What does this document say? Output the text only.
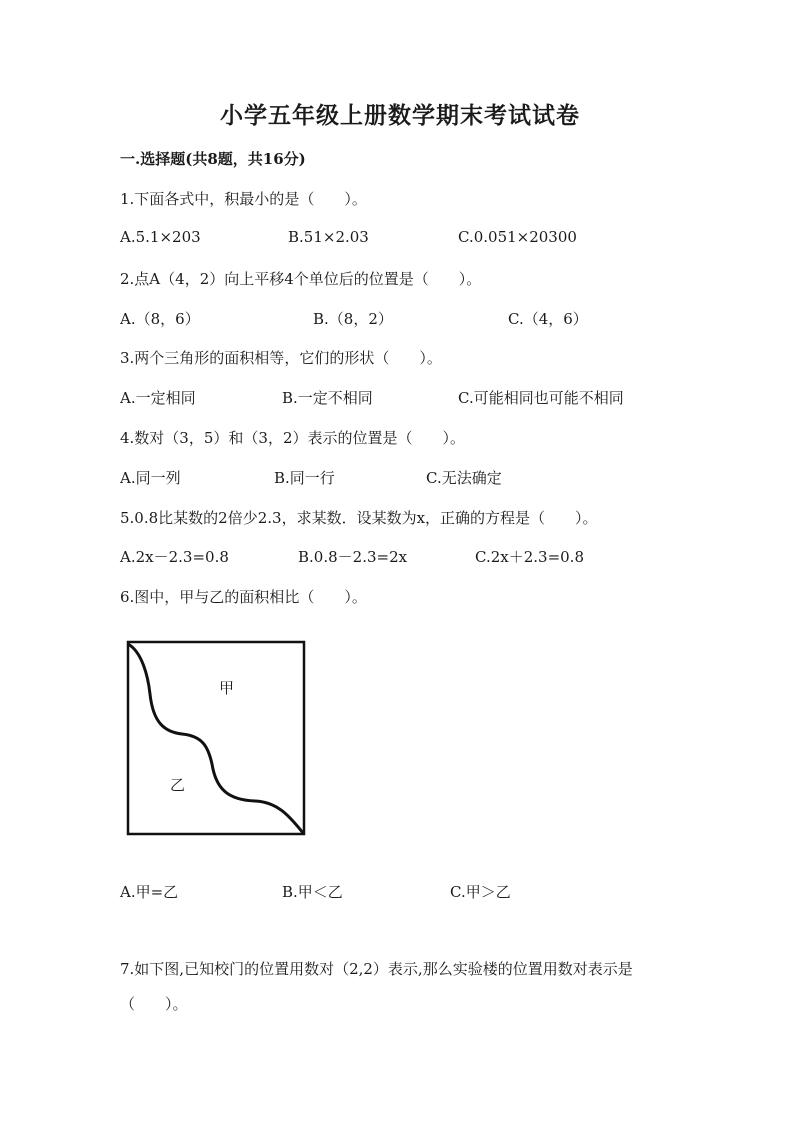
小学五年级上册数学期末考试试卷
一.选择题(共8题，共16分)
1.下面各式中，积最小的是（　　）。
A.5.1×203	B.51×2.03	C.0.051×20300
2.点A（4，2）向上平移4个单位后的位置是（　　）。
A.（8，6）	B.（8，2）	C.（4，6）
3.两个三角形的面积相等，它们的形状（　　）。
A.一定相同	B.一定不相同	C.可能相同也可能不相同
4.数对（3，5）和（3，2）表示的位置是（　　）。
A.同一列	B.同一行	C.无法确定
5.0.8比某数的2倍少2.3，求某数．设某数为x，正确的方程是（　　）。
A.2x－2.3=0.8	B.0.8－2.3=2x	C.2x＋2.3=0.8
6.图中，甲与乙的面积相比（　　）。
甲
乙
A.甲=乙	B.甲＜乙	C.甲＞乙
7.如下图,已知校门的位置用数对（2,2）表示,那么实验楼的位置用数对表示是
（　　）。
